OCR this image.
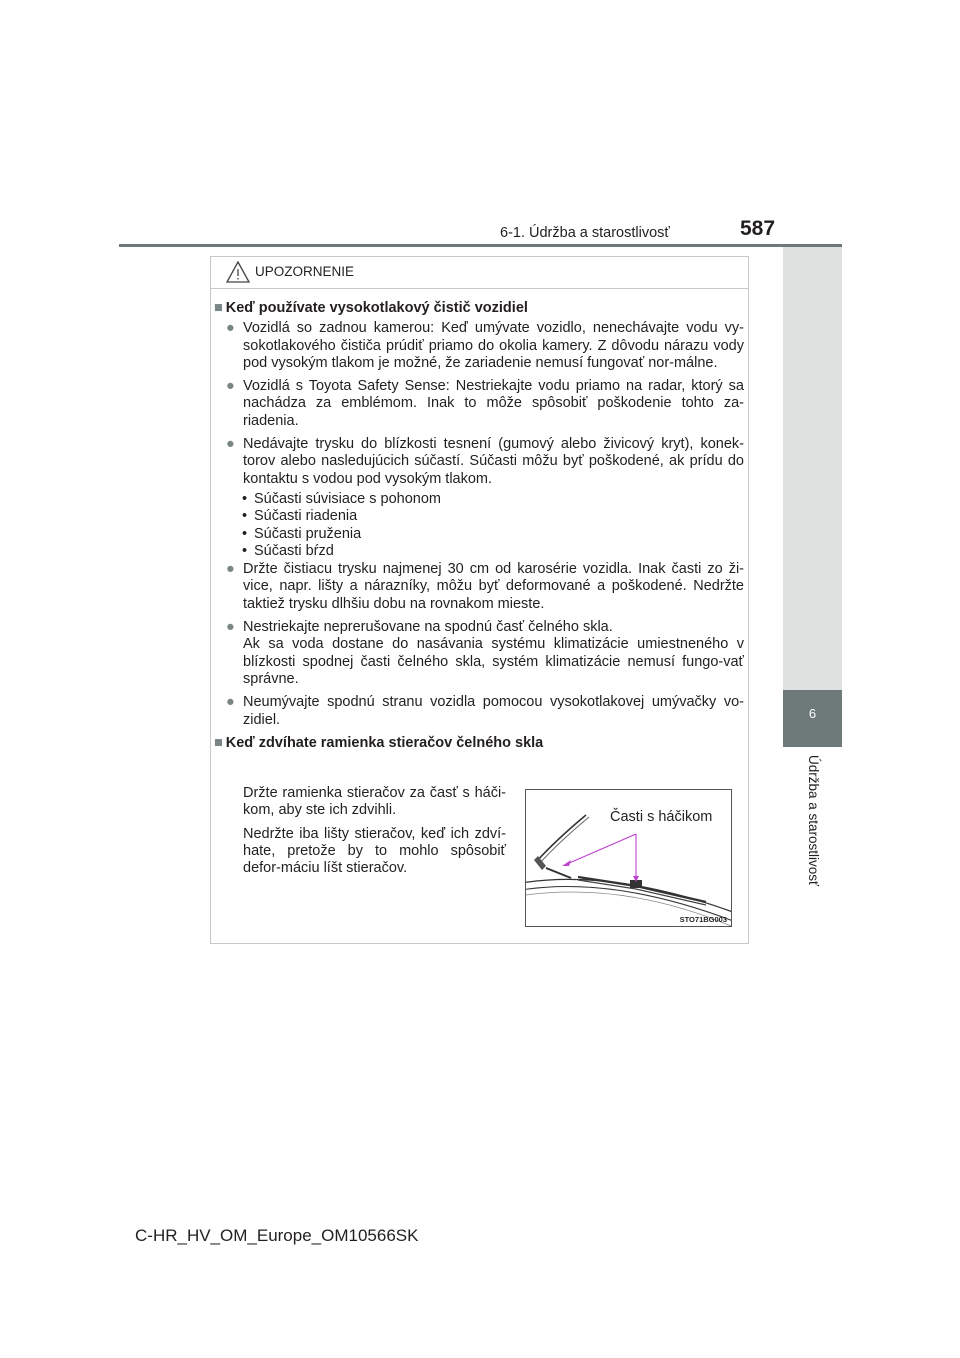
6-1. Údržba a starostlivosť	587
6
Údržba a starostlivosť
UPOZORNENIE
■ Keď používate vysokotlakový čistič vozidiel
● Vozidlá so zadnou kamerou: Keď umývate vozidlo, nenechávajte vodu vy-sokotlakového čističa prúdiť priamo do okolia kamery. Z dôvodu nárazu vody pod vysokým tlakom je možné, že zariadenie nemusí fungovať nor-málne.
● Vozidlá s Toyota Safety Sense: Nestriekajte vodu priamo na radar, ktorý sa nachádza za emblémom. Inak to môže spôsobiť poškodenie tohto za-riadenia.
● Nedávajte trysku do blízkosti tesnení (gumový alebo živicový kryt), konek-torov alebo nasledujúcich súčastí. Súčasti môžu byť poškodené, ak prídu do kontaktu s vodou pod vysokým tlakom.
• Súčasti súvisiace s pohonom
• Súčasti riadenia
• Súčasti pruženia
• Súčasti bŕzd
● Držte čistiacu trysku najmenej 30 cm od karosérie vozidla. Inak časti zo ži-vice, napr. lišty a nárazníky, môžu byť deformované a poškodené. Nedržte taktiež trysku dlhšiu dobu na rovnakom mieste.
● Nestriekajte neprerušovane na spodnú časť čelného skla.
Ak sa voda dostane do nasávania systému klimatizácie umiestneného v blízkosti spodnej časti čelného skla, systém klimatizácie nemusí fungo-vať správne.
● Neumývajte spodnú stranu vozidla pomocou vysokotlakovej umývačky vo-zidiel.
■ Keď zdvíhate ramienka stieračov čelného skla

Držte ramienka stieračov za časť s háči-kom, aby ste ich zdvihli.

Nedržte iba lišty stieračov, keď ich zdví-hate, pretože by to mohlo spôsobiť defor-máciu líšt stieračov.

Časti s háčikom
STO71BG003
C-HR_HV_OM_Europe_OM10566SK
